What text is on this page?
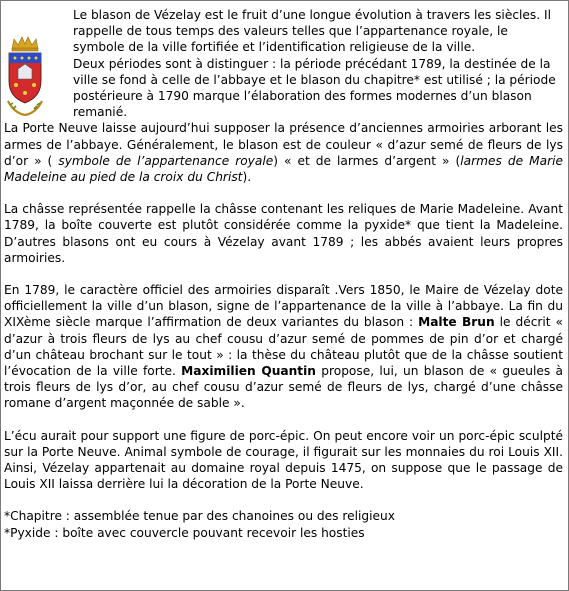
Le blason de Vézelay est le fruit d’une longue évolution à travers les siècles. Il rappelle de tous temps des valeurs telles que l’appartenance royale, le symbole de la ville fortifiée et l’identification religieuse de la ville.

Deux périodes sont à distinguer : la période précédant 1789, la destinée de la ville se fond à celle de l’abbaye et le blason du chapitre* est utilisé ; la période postérieure à 1790 marque l’élaboration des formes modernes d’un blason remanié.

La Porte Neuve laisse aujourd’hui supposer la présence d’anciennes armoiries arborant les armes de l’abbaye. Généralement, le blason est de couleur « d’azur semé de fleurs de lys d’or » ( symbole de l’appartenance royale) « et de larmes d’argent » (larmes de Marie Madeleine au pied de la croix du Christ).

La châsse représentée rappelle la châsse contenant les reliques de Marie Madeleine. Avant 1789, la boîte couverte est plutôt considérée comme la pyxide* que tient la Madeleine. D’autres blasons ont eu cours à Vézelay avant 1789 ; les abbés avaient leurs propres armoiries.

En 1789, le caractère officiel des armoiries disparaît .Vers 1850, le Maire de Vézelay dote officiellement la ville d’un blason, signe de l’appartenance de la ville à l’abbaye. La fin du XIXème siècle marque l’affirmation de deux variantes du blason : Malte Brun le décrit « d’azur à trois fleurs de lys au chef cousu d’azur semé de pommes de pin d’or et chargé d’un château brochant sur le tout » : la thèse du château plutôt que de la châsse soutient l’évocation de la ville forte. Maximilien Quantin propose, lui, un blason de « gueules à trois fleurs de lys d’or, au chef cousu d’azur semé de fleurs de lys, chargé d’une châsse romane d’argent maçonnée de sable ».

L’écu aurait pour support une figure de porc-épic. On peut encore voir un porc-épic sculpté sur la Porte Neuve. Animal symbole de courage, il figurait sur les monnaies du roi Louis XII. Ainsi, Vézelay appartenait au domaine royal depuis 1475, on suppose que le passage de Louis XII laissa derrière lui la décoration de la Porte Neuve.

*Chapitre : assemblée tenue par des chanoines ou des religieux

*Pyxide : boîte avec couvercle pouvant recevoir les hosties
